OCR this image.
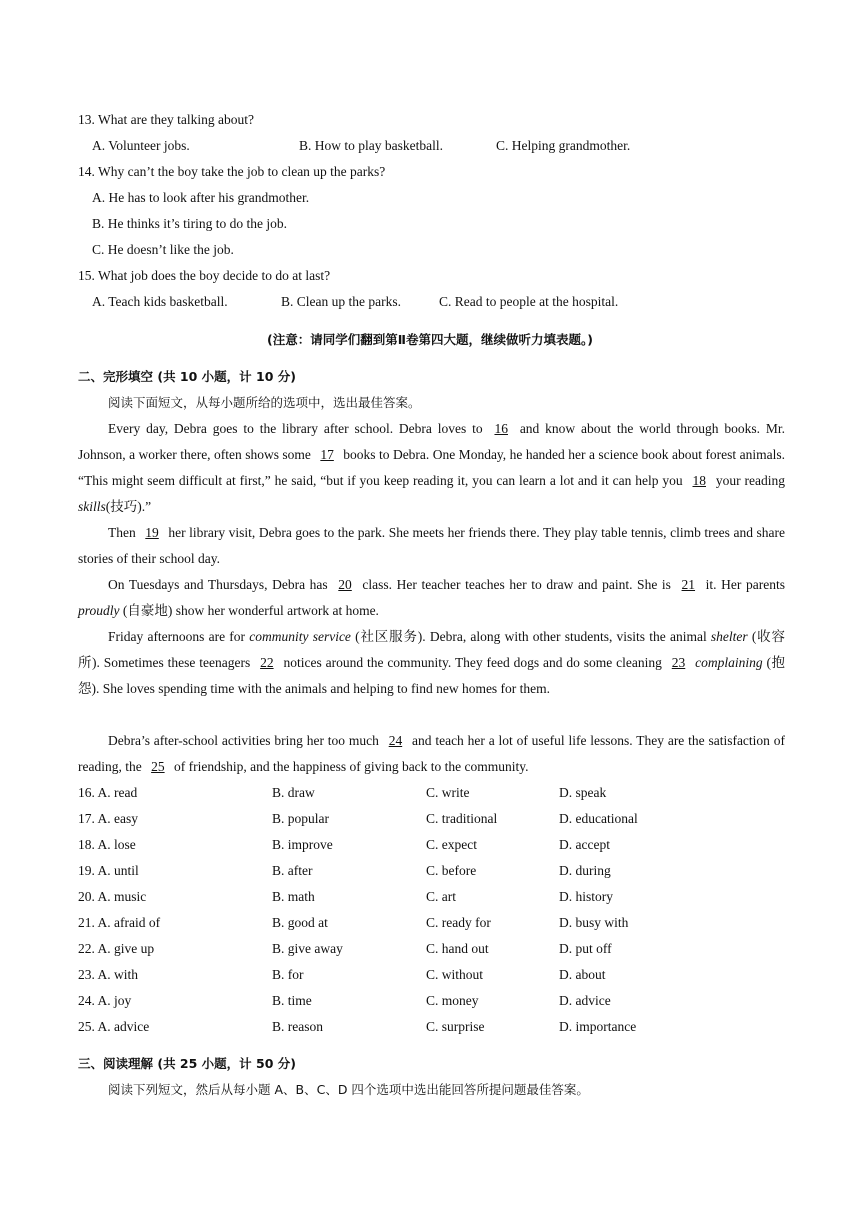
13. What are they talking about?
A. Volunteer jobs.	B. How to play basketball.	C. Helping grandmother.
14. Why can’t the boy take the job to clean up the parks?
A. He has to look after his grandmother.
B. He thinks it’s tiring to do the job.
C. He doesn’t like the job.
15. What job does the boy decide to do at last?
A. Teach kids basketball.	B. Clean up the parks.	C. Read to people at the hospital.
(注意：请同学们翻到第Ⅱ卷第四大题，继续做听力填表题。)
二、完形填空 (共 10 小题，计 10 分)
阅读下面短文，从每小题所给的选项中，选出最佳答案。
Every day, Debra goes to the library after school. Debra loves to 16 and know about the world through books. Mr. Johnson, a worker there, often shows some 17 books to Debra. One Monday, he handed her a science book about forest animals. “This might seem difficult at first,” he said, “but if you keep reading it, you can learn a lot and it can help you 18 your reading skills(技巧).”
Then 19 her library visit, Debra goes to the park. She meets her friends there. They play table tennis, climb trees and share stories of their school day.
On Tuesdays and Thursdays, Debra has 20 class. Her teacher teaches her to draw and paint. She is 21 it. Her parents proudly (自豪地) show her wonderful artwork at home.
Friday afternoons are for community service (社区服务). Debra, along with other students, visits the animal shelter (收容所). Sometimes these teenagers 22 notices around the community. They feed dogs and do some cleaning 23 complaining (抱怨). She loves spending time with the animals and helping to find new homes for them.
Debra’s after-school activities bring her too much 24 and teach her a lot of useful life lessons. They are the satisfaction of reading, the 25 of friendship, and the happiness of giving back to the community.
16. A. read	B. draw	C. write	D. speak
17. A. easy	B. popular	C. traditional	D. educational
18. A. lose	B. improve	C. expect	D. accept
19. A. until	B. after	C. before	D. during
20. A. music	B. math	C. art	D. history
21. A. afraid of	B. good at	C. ready for	D. busy with
22. A. give up	B. give away	C. hand out	D. put off
23. A. with	B. for	C. without	D. about
24. A. joy	B. time	C. money	D. advice
25. A. advice	B. reason	C. surprise	D. importance
三、阅读理解 (共 25 小题，计 50 分)
阅读下列短文，然后从每小题 A、B、C、D 四个选项中选出能回答所提问题最佳答案。
